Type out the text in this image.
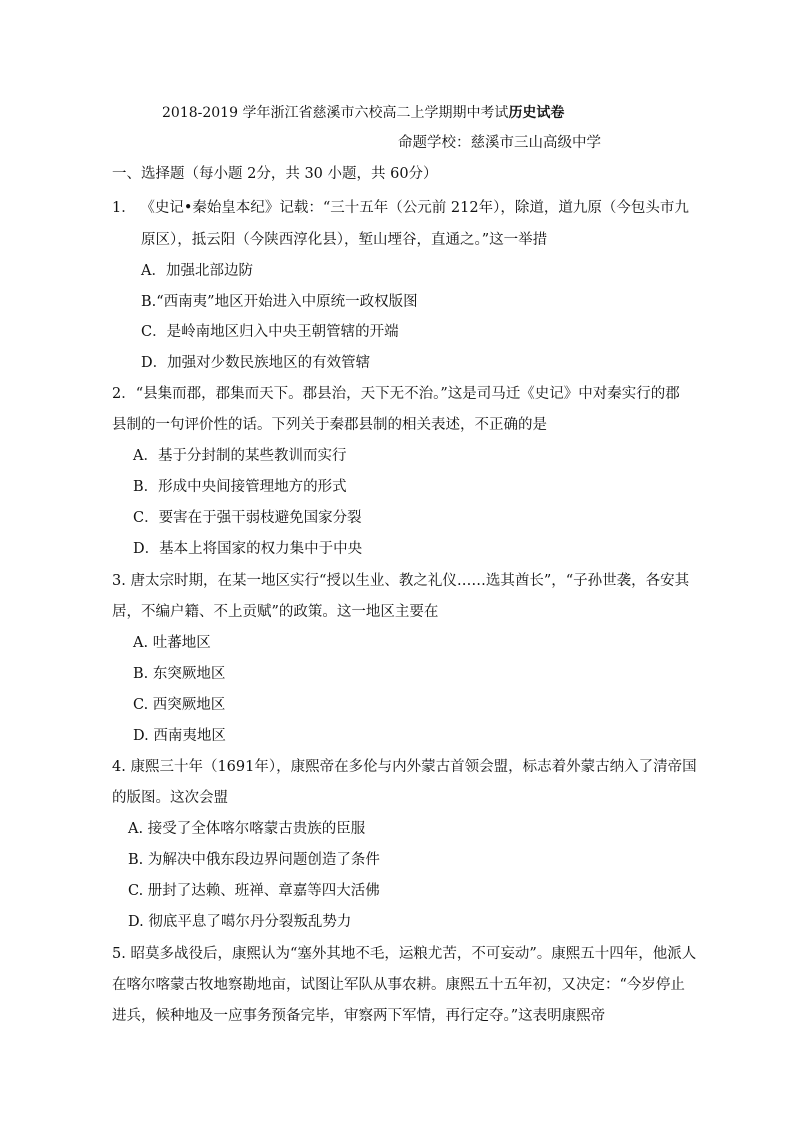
2018-2019 学年浙江省慈溪市六校高二上学期期中考试历史试卷
命题学校：慈溪市三山高级中学
一、选择题（每小题 2分，共 30 小题，共 60分）
1． 《史记•秦始皇本纪》记载：“三十五年（公元前 212年），除道，道九原（今包头市九
原区），抵云阳（今陕西淳化县），堑山堙谷，直通之。”这一举措
A．加强北部边防
B.“西南夷”地区开始进入中原统一政权版图
C．是岭南地区归入中央王朝管辖的开端
D．加强对少数民族地区的有效管辖
2．“县集而郡，郡集而天下。郡县治，天下无不治。”这是司马迁《史记》中对秦实行的郡
县制的一句评价性的话。下列关于秦郡县制的相关表述，不正确的是
A．基于分封制的某些教训而实行
B．形成中央间接管理地方的形式
C．要害在于强干弱枝避免国家分裂
D．基本上将国家的权力集中于中央
3. 唐太宗时期，在某一地区实行“授以生业、教之礼仪……选其酋长”，“子孙世袭，各安其
居，不编户籍、不上贡赋”的政策。这一地区主要在
A. 吐蕃地区
B. 东突厥地区
C. 西突厥地区
D. 西南夷地区
4. 康熙三十年（1691年），康熙帝在多伦与内外蒙古首领会盟，标志着外蒙古纳入了清帝国
的版图。这次会盟
A. 接受了全体喀尔喀蒙古贵族的臣服
B. 为解决中俄东段边界问题创造了条件
C. 册封了达赖、班禅、章嘉等四大活佛
D. 彻底平息了噶尔丹分裂叛乱势力
5. 昭莫多战役后，康熙认为“塞外其地不毛，运粮尤苦，不可妄动”。康熙五十四年，他派人
在喀尔喀蒙古牧地察勘地亩，试图让军队从事农耕。康熙五十五年初，又决定：“今岁停止
进兵，候种地及一应事务预备完毕，审察两下军情，再行定夺。”这表明康熙帝
